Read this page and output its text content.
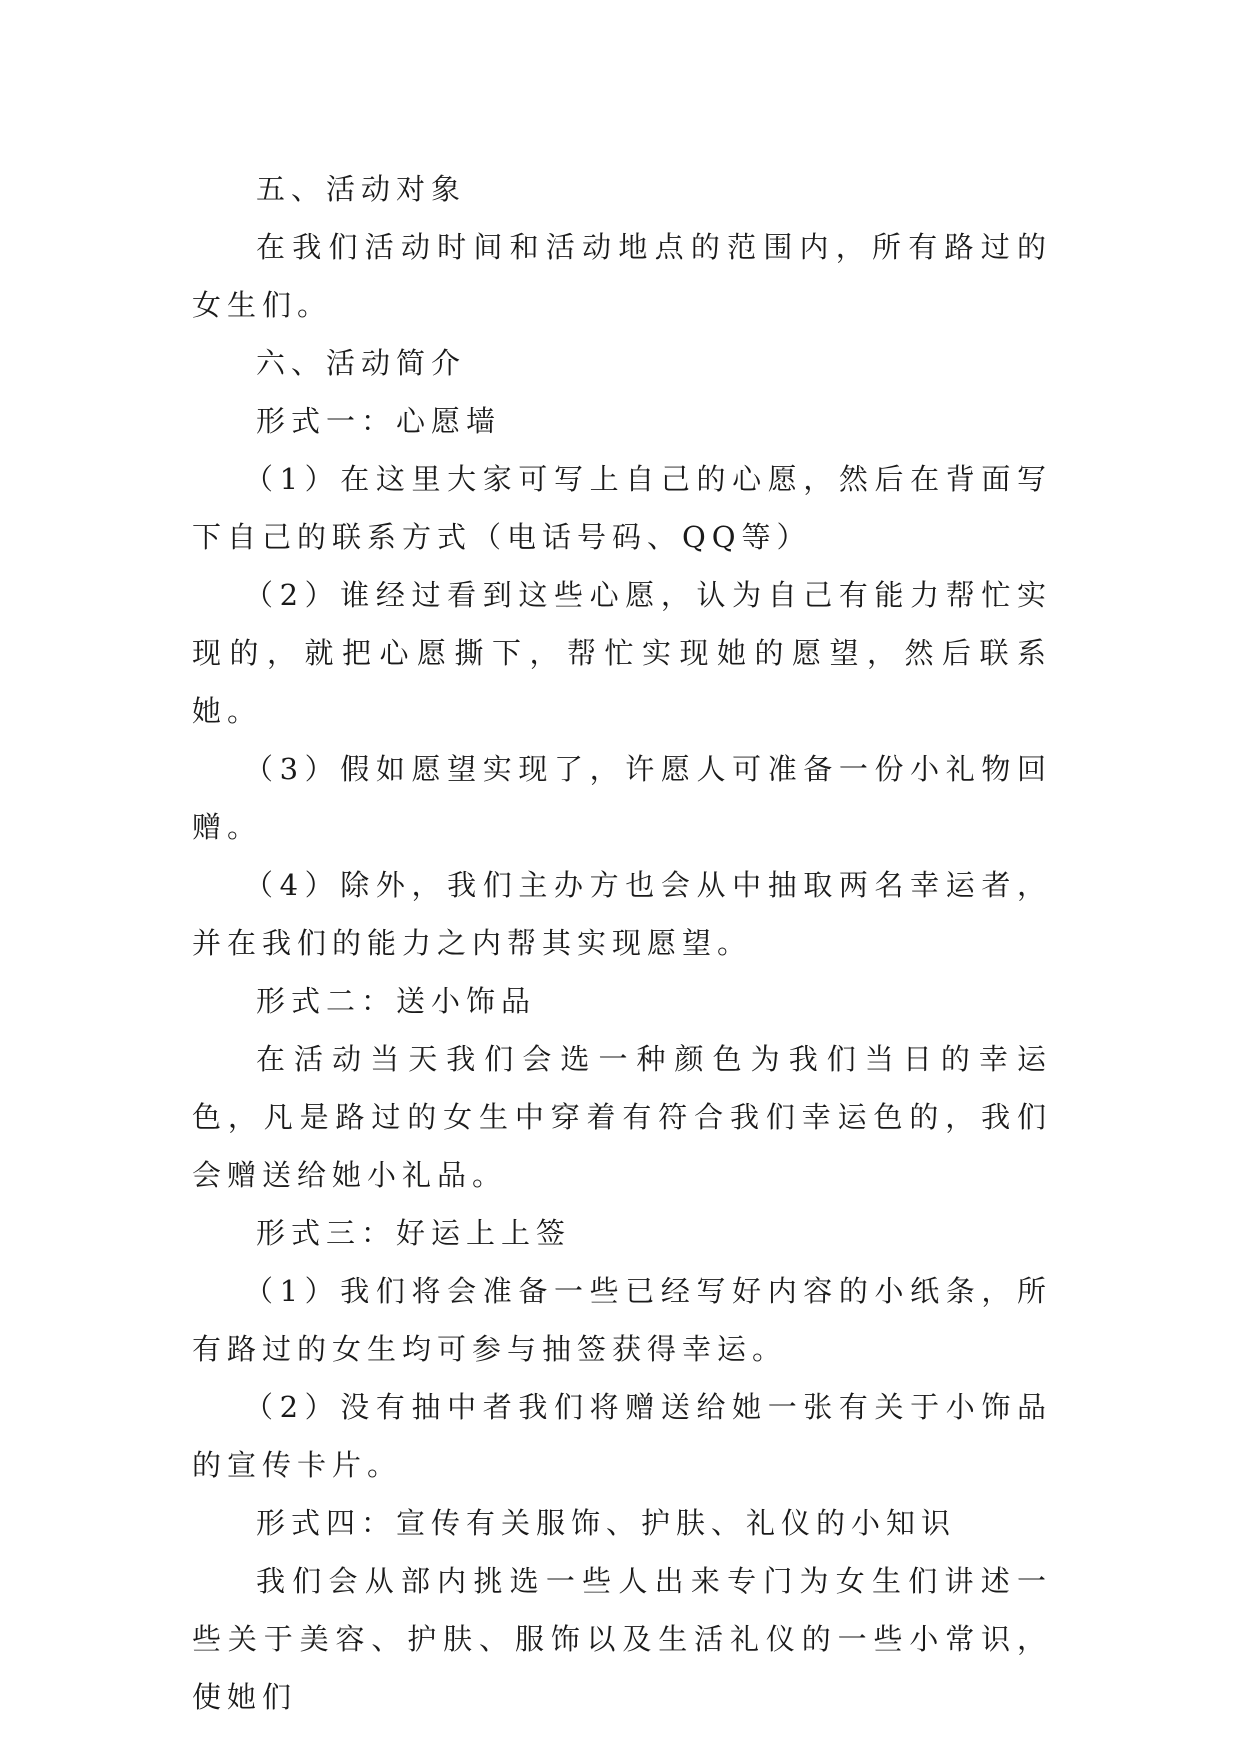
五、活动对象

在我们活动时间和活动地点的范围内，所有路过的女生们。

六、活动简介

形式一：心愿墙

（1）在这里大家可写上自己的心愿，然后在背面写下自己的联系方式（电话号码、QQ等）

（2）谁经过看到这些心愿，认为自己有能力帮忙实现的，就把心愿撕下，帮忙实现她的愿望，然后联系她。

（3）假如愿望实现了，许愿人可准备一份小礼物回赠。

（4）除外，我们主办方也会从中抽取两名幸运者，并在我们的能力之内帮其实现愿望。

形式二：送小饰品

在活动当天我们会选一种颜色为我们当日的幸运色，凡是路过的女生中穿着有符合我们幸运色的，我们会赠送给她小礼品。

形式三：好运上上签

（1）我们将会准备一些已经写好内容的小纸条，所有路过的女生均可参与抽签获得幸运。

（2）没有抽中者我们将赠送给她一张有关于小饰品的宣传卡片。

形式四：宣传有关服饰、护肤、礼仪的小知识

我们会从部内挑选一些人出来专门为女生们讲述一些关于美容、护肤、服饰以及生活礼仪的一些小常识，使她们
